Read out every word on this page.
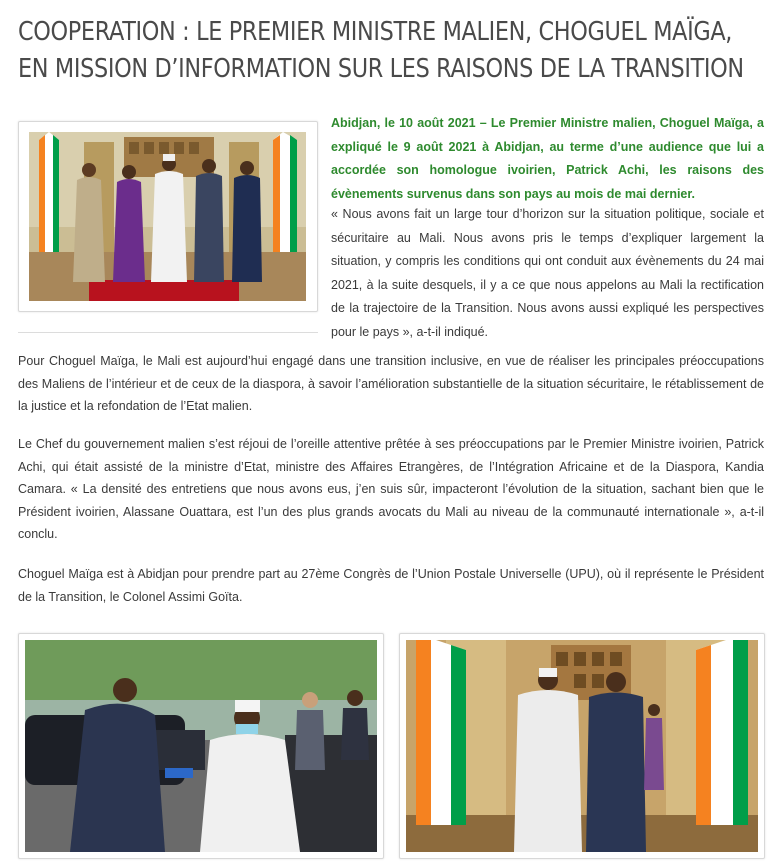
COOPERATION : LE PREMIER MINISTRE MALIEN, CHOGUEL MAÏGA, EN MISSION D’INFORMATION SUR LES RAISONS DE LA TRANSITION

Abidjan, le 10 août 2021 – Le Premier Ministre malien, Choguel Maïga, a expliqué le 9 août 2021 à Abidjan, au terme d’une audience que lui a accordée son homologue ivoirien, Patrick Achi, les raisons des évènements survenus dans son pays au mois de mai dernier.

« Nous avons fait un large tour d’horizon sur la situation politique, sociale et sécuritaire au Mali. Nous avons pris le temps d’expliquer largement la situation, y compris les conditions qui ont conduit aux évènements du 24 mai 2021, à la suite desquels, il y a ce que nous appelons au Mali la rectification de la trajectoire de la Transition. Nous avons aussi expliqué les perspectives pour le pays », a-t-il indiqué.

Pour Choguel Maïga, le Mali est aujourd’hui engagé dans une transition inclusive, en vue de réaliser les principales préoccupations des Maliens de l’intérieur et de ceux de la diaspora, à savoir l’amélioration substantielle de la situation sécuritaire, le rétablissement de la justice et la refondation de l’Etat malien.

Le Chef du gouvernement malien s’est réjoui de l’oreille attentive prêtée à ses préoccupations par le Premier Ministre ivoirien, Patrick Achi, qui était assisté de la ministre d’Etat, ministre des Affaires Etrangères, de l’Intégration Africaine et de la Diaspora, Kandia Camara. « La densité des entretiens que nous avons eus, j’en suis sûr, impacteront l’évolution de la situation, sachant bien que le Président ivoirien, Alassane Ouattara, est l’un des plus grands avocats du Mali au niveau de la communauté internationale », a-t-il conclu.

Choguel Maïga est à Abidjan pour prendre part au 27ème Congrès de l’Union Postale Universelle (UPU), où il représente le Président de la Transition, le Colonel Assimi Goïta.
